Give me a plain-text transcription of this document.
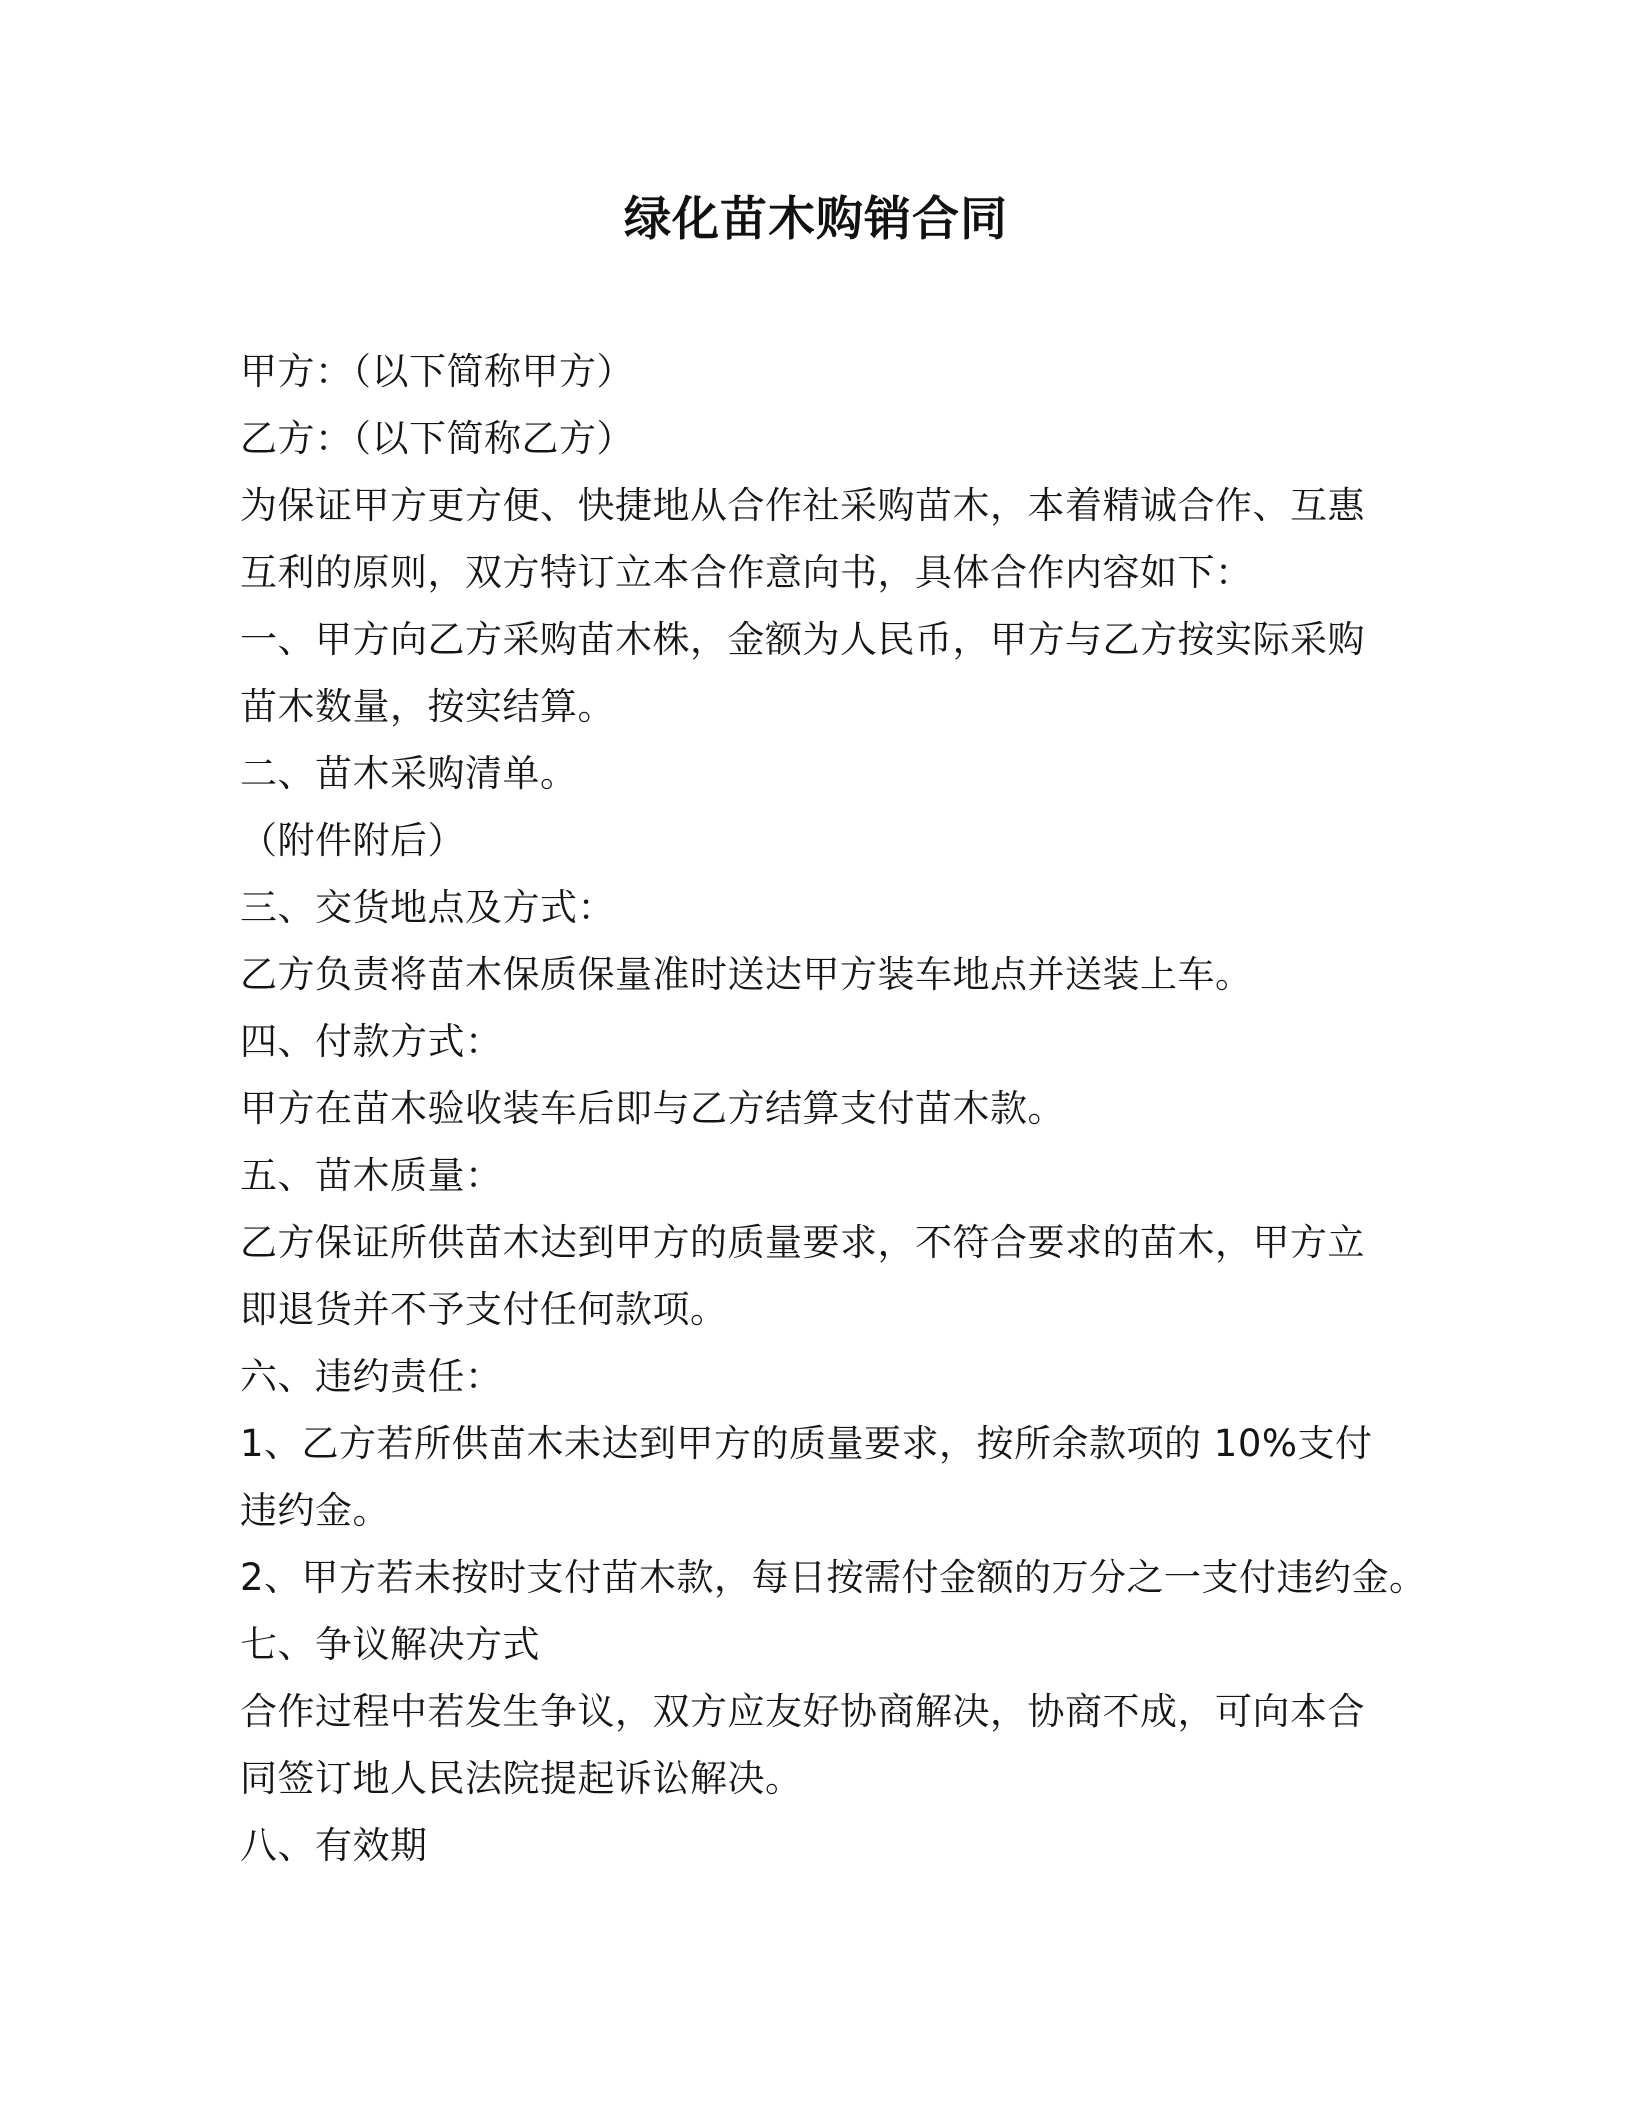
绿化苗木购销合同
甲方：（以下简称甲方）
乙方：（以下简称乙方）
为保证甲方更方便、快捷地从合作社采购苗木，本着精诚合作、互惠
互利的原则，双方特订立本合作意向书，具体合作内容如下：
一、甲方向乙方采购苗木株，金额为人民币，甲方与乙方按实际采购
苗木数量，按实结算。
二、苗木采购清单。
（附件附后）
三、交货地点及方式：
乙方负责将苗木保质保量准时送达甲方装车地点并送装上车。
四、付款方式：
甲方在苗木验收装车后即与乙方结算支付苗木款。
五、苗木质量：
乙方保证所供苗木达到甲方的质量要求，不符合要求的苗木，甲方立
即退货并不予支付任何款项。
六、违约责任：
1、乙方若所供苗木未达到甲方的质量要求，按所余款项的 10%支付
违约金。
2、甲方若未按时支付苗木款，每日按需付金额的万分之一支付违约金。
七、争议解决方式
合作过程中若发生争议，双方应友好协商解决，协商不成，可向本合
同签订地人民法院提起诉讼解决。
八、有效期
